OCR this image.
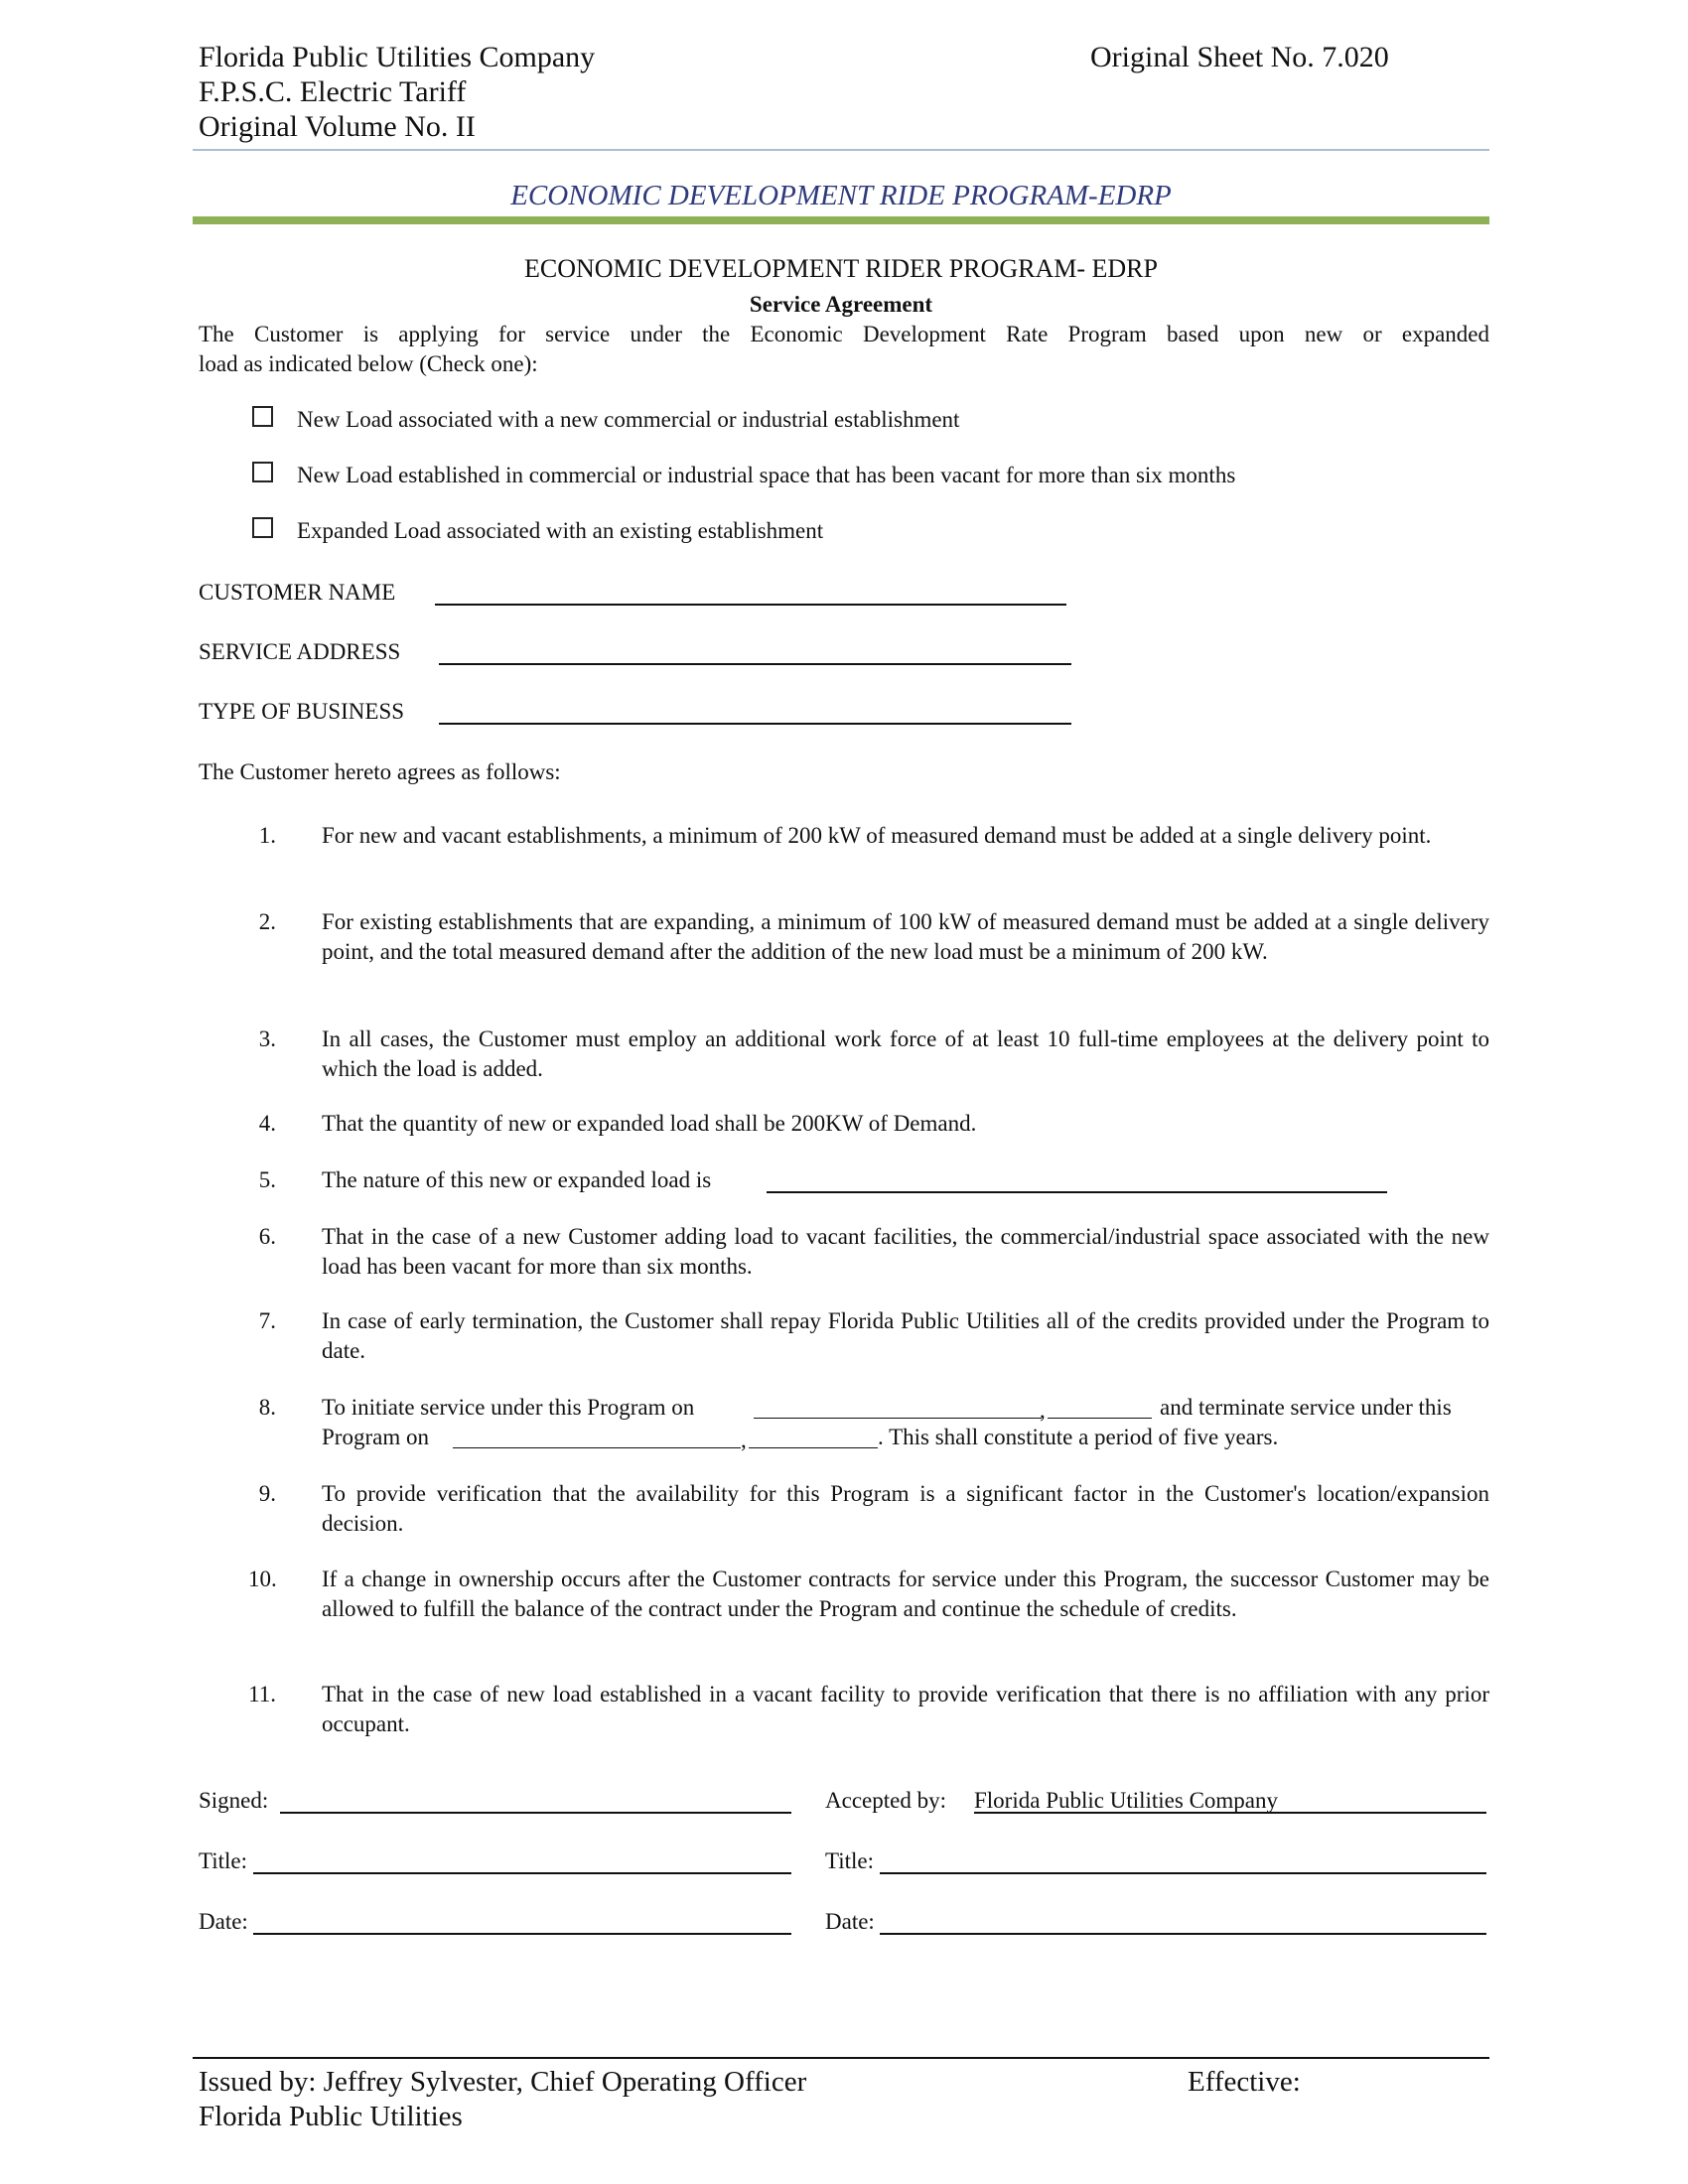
Florida Public Utilities Company
F.P.S.C. Electric Tariff
Original Volume No. II
Original Sheet No. 7.020
ECONOMIC DEVELOPMENT RIDE PROGRAM-EDRP
ECONOMIC DEVELOPMENT RIDER PROGRAM- EDRP
Service Agreement
The Customer is applying for service under the Economic Development Rate Program based upon new or expanded
load as indicated below (Check one):
New Load associated with a new commercial or industrial establishment
New Load established in commercial or industrial space that has been vacant for more than six months
Expanded Load associated with an existing establishment
CUSTOMER NAME
SERVICE ADDRESS
TYPE OF BUSINESS
The Customer hereto agrees as follows:
1. For new and vacant establishments, a minimum of 200 kW of measured demand must be added at a single delivery point.
2. For existing establishments that are expanding, a minimum of 100 kW of measured demand must be added at a single delivery point, and the total measured demand after the addition of the new load must be a minimum of 200 kW.
3. In all cases, the Customer must employ an additional work force of at least 10 full-time employees at the delivery point to which the load is added.
4. That the quantity of new or expanded load shall be 200KW of Demand.
5. The nature of this new or expanded load is
6. That in the case of a new Customer adding load to vacant facilities, the commercial/industrial space associated with the new load has been vacant for more than six months.
7. In case of early termination, the Customer shall repay Florida Public Utilities all of the credits provided under the Program to date.
8. To initiate service under this Program on	,	and terminate service under this
Program on	,	. This shall constitute a period of five years.
9. To provide verification that the availability for this Program is a significant factor in the Customer's location/expansion decision.
10. If a change in ownership occurs after the Customer contracts for service under this Program, the successor Customer may be allowed to fulfill the balance of the contract under the Program and continue the schedule of credits.
11. That in the case of new load established in a vacant facility to provide verification that there is no affiliation with any prior occupant.
Signed:	Accepted by: Florida Public Utilities Company
Title:	Title:
Date:	Date:
Issued by: Jeffrey Sylvester, Chief Operating Officer
Florida Public Utilities
Effective:
